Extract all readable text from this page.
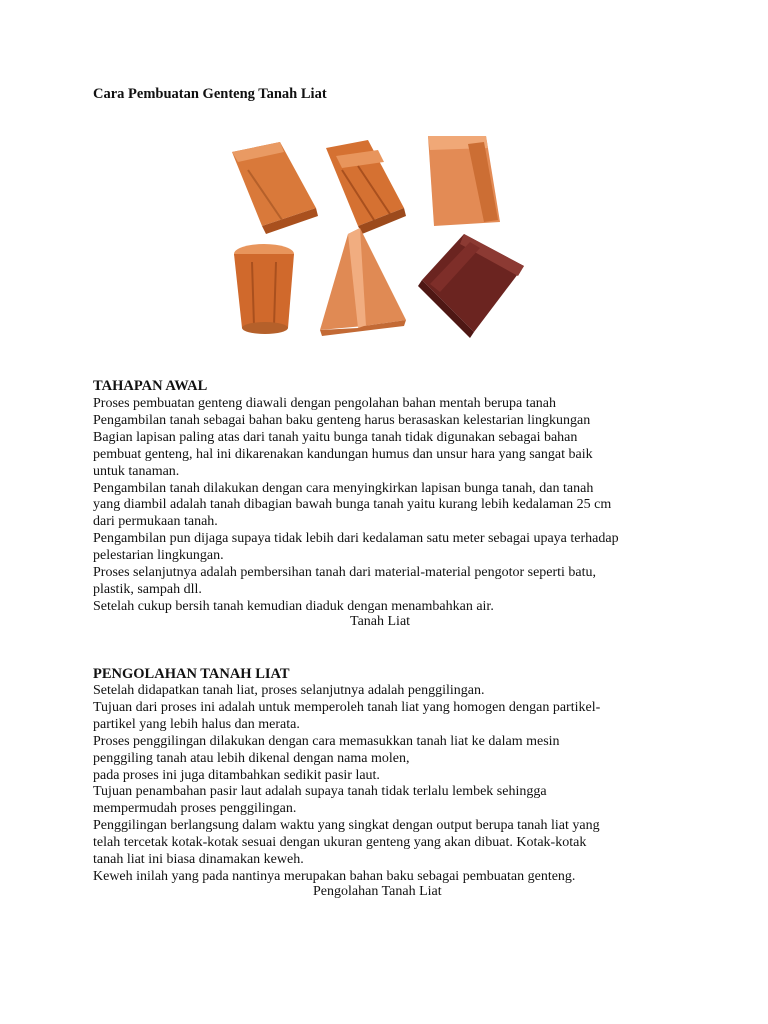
Cara Pembuatan Genteng Tanah Liat
TAHAPAN AWAL
Proses pembuatan genteng diawali dengan pengolahan bahan mentah berupa tanah
Pengambilan tanah sebagai bahan baku genteng harus berasaskan kelestarian lingkungan
Bagian lapisan paling atas dari tanah yaitu bunga tanah tidak digunakan sebagai bahan
pembuat genteng, hal ini dikarenakan kandungan humus dan unsur hara yang sangat baik
untuk tanaman.
Pengambilan tanah dilakukan dengan cara menyingkirkan lapisan bunga tanah, dan tanah
yang diambil adalah tanah dibagian bawah bunga tanah yaitu kurang lebih kedalaman 25 cm
dari permukaan tanah.
Pengambilan pun dijaga supaya tidak lebih dari kedalaman satu meter sebagai upaya terhadap
pelestarian lingkungan.
Proses selanjutnya adalah pembersihan tanah dari material-material pengotor seperti batu,
plastik, sampah dll.
Setelah cukup bersih tanah kemudian diaduk dengan menambahkan air.
Tanah Liat
PENGOLAHAN TANAH LIAT
Setelah didapatkan tanah liat, proses selanjutnya adalah penggilingan.
Tujuan dari proses ini adalah untuk memperoleh tanah liat yang homogen dengan partikel-
partikel yang lebih halus dan merata.
Proses penggilingan dilakukan dengan cara memasukkan tanah liat ke dalam mesin
penggiling tanah atau lebih dikenal dengan nama molen,
pada proses ini juga ditambahkan sedikit pasir laut.
Tujuan penambahan pasir laut adalah supaya tanah tidak terlalu lembek sehingga
mempermudah proses penggilingan.
Penggilingan berlangsung dalam waktu yang singkat dengan output berupa tanah liat yang
telah tercetak kotak-kotak sesuai dengan ukuran genteng yang akan dibuat. Kotak-kotak
tanah liat ini biasa dinamakan keweh.
Keweh inilah yang pada nantinya merupakan bahan baku sebagai pembuatan genteng.
Pengolahan Tanah Liat
